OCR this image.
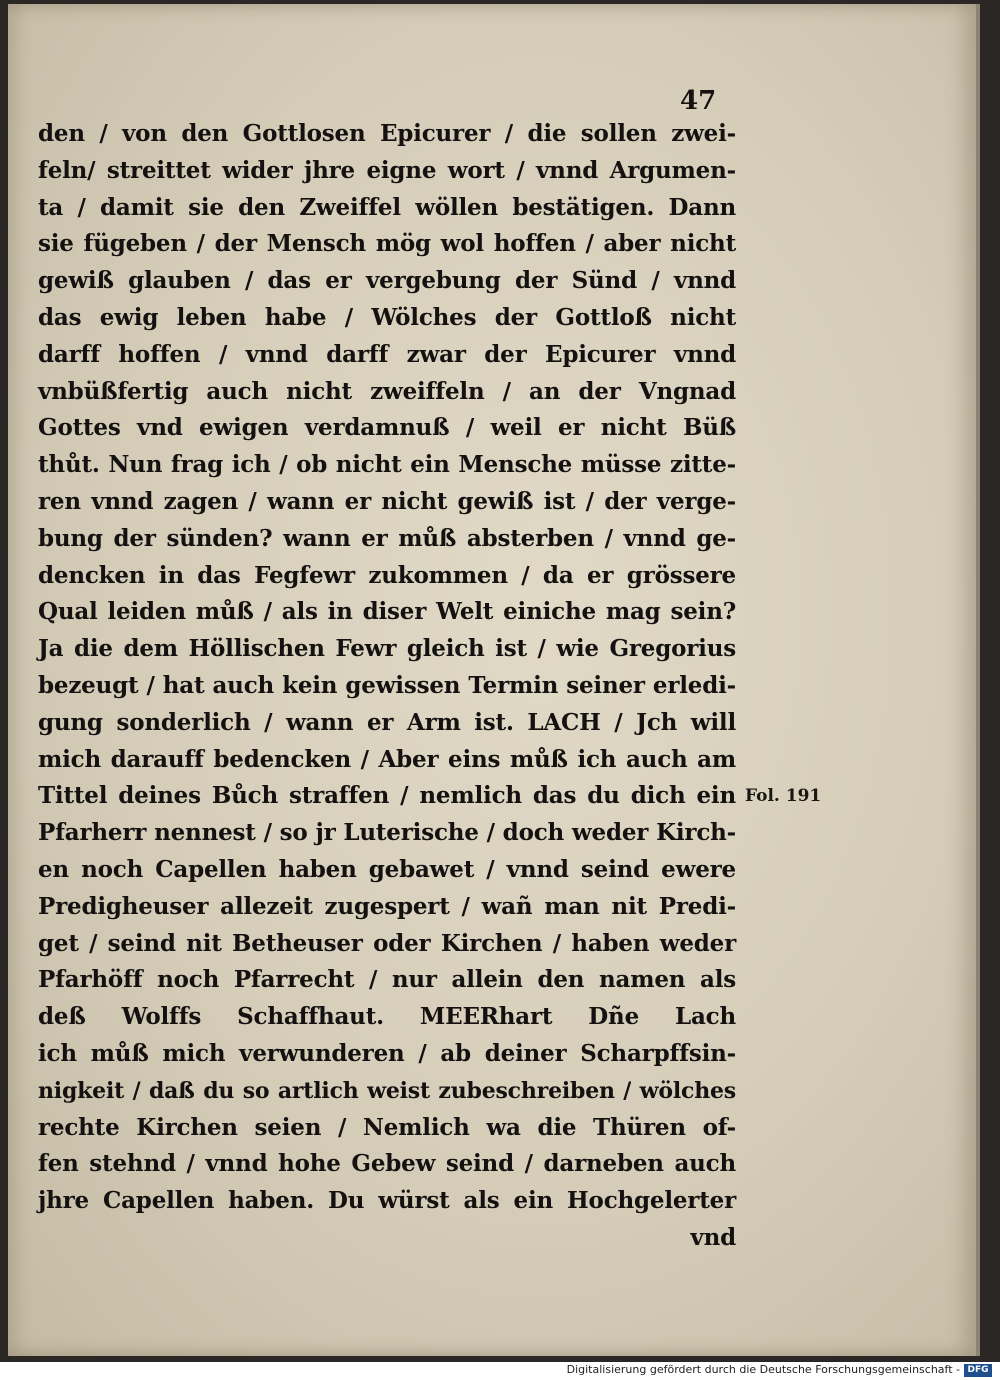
47
den / von den Gottlosen Epicurer / die sollen zwei-
feln/ streittet wider jhre eigne wort / vnnd Argumen-
ta / damit sie den Zweiffel wöllen bestätigen. Dann
sie fügeben / der Mensch mög wol hoffen / aber nicht
gewiß glauben / das er vergebung der Sünd / vnnd
das ewig leben habe / Wölches der Gottloß nicht
darff hoffen / vnnd darff zwar der Epicurer vnnd
vnbüßfertig auch nicht zweiffeln / an der Vngnad
Gottes vnd ewigen verdamnuß / weil er nicht Büß
thůt. Nun frag ich / ob nicht ein Mensche müsse zitte-
ren vnnd zagen / wann er nicht gewiß ist / der verge-
bung der sünden? wann er můß absterben / vnnd ge-
dencken in das Fegfewr zukommen / da er grössere
Qual leiden můß / als in diser Welt einiche mag sein?
Ja die dem Höllischen Fewr gleich ist / wie Gregorius
bezeugt / hat auch kein gewissen Termin seiner erledi-
gung sonderlich / wann er Arm ist. LACH / Jch will
mich darauff bedencken / Aber eins můß ich auch am
Tittel deines Bůch straffen / nemlich das du dich ein
Pfarherr nennest / so jr Luterische / doch weder Kirch-
en noch Capellen haben gebawet / vnnd seind ewere
Predigheuser allezeit zugespert / wañ man nit Predi-
get / seind nit Betheuser oder Kirchen / haben weder
Pfarhöff noch Pfarrecht / nur allein den namen als
deß Wolffs Schaffhaut. MEERhart Dñe Lach
ich můß mich verwunderen / ab deiner Scharpffsin-
nigkeit / daß du so artlich weist zubeschreiben / wölches
rechte Kirchen seien / Nemlich wa die Thüren of-
fen stehnd / vnnd hohe Gebew seind / darneben auch
jhre Capellen haben. Du würst als ein Hochgelerter
vnd
Fol. 191
Digitalisierung gefördert durch die Deutsche Forschungsgemeinschaft - DFG
